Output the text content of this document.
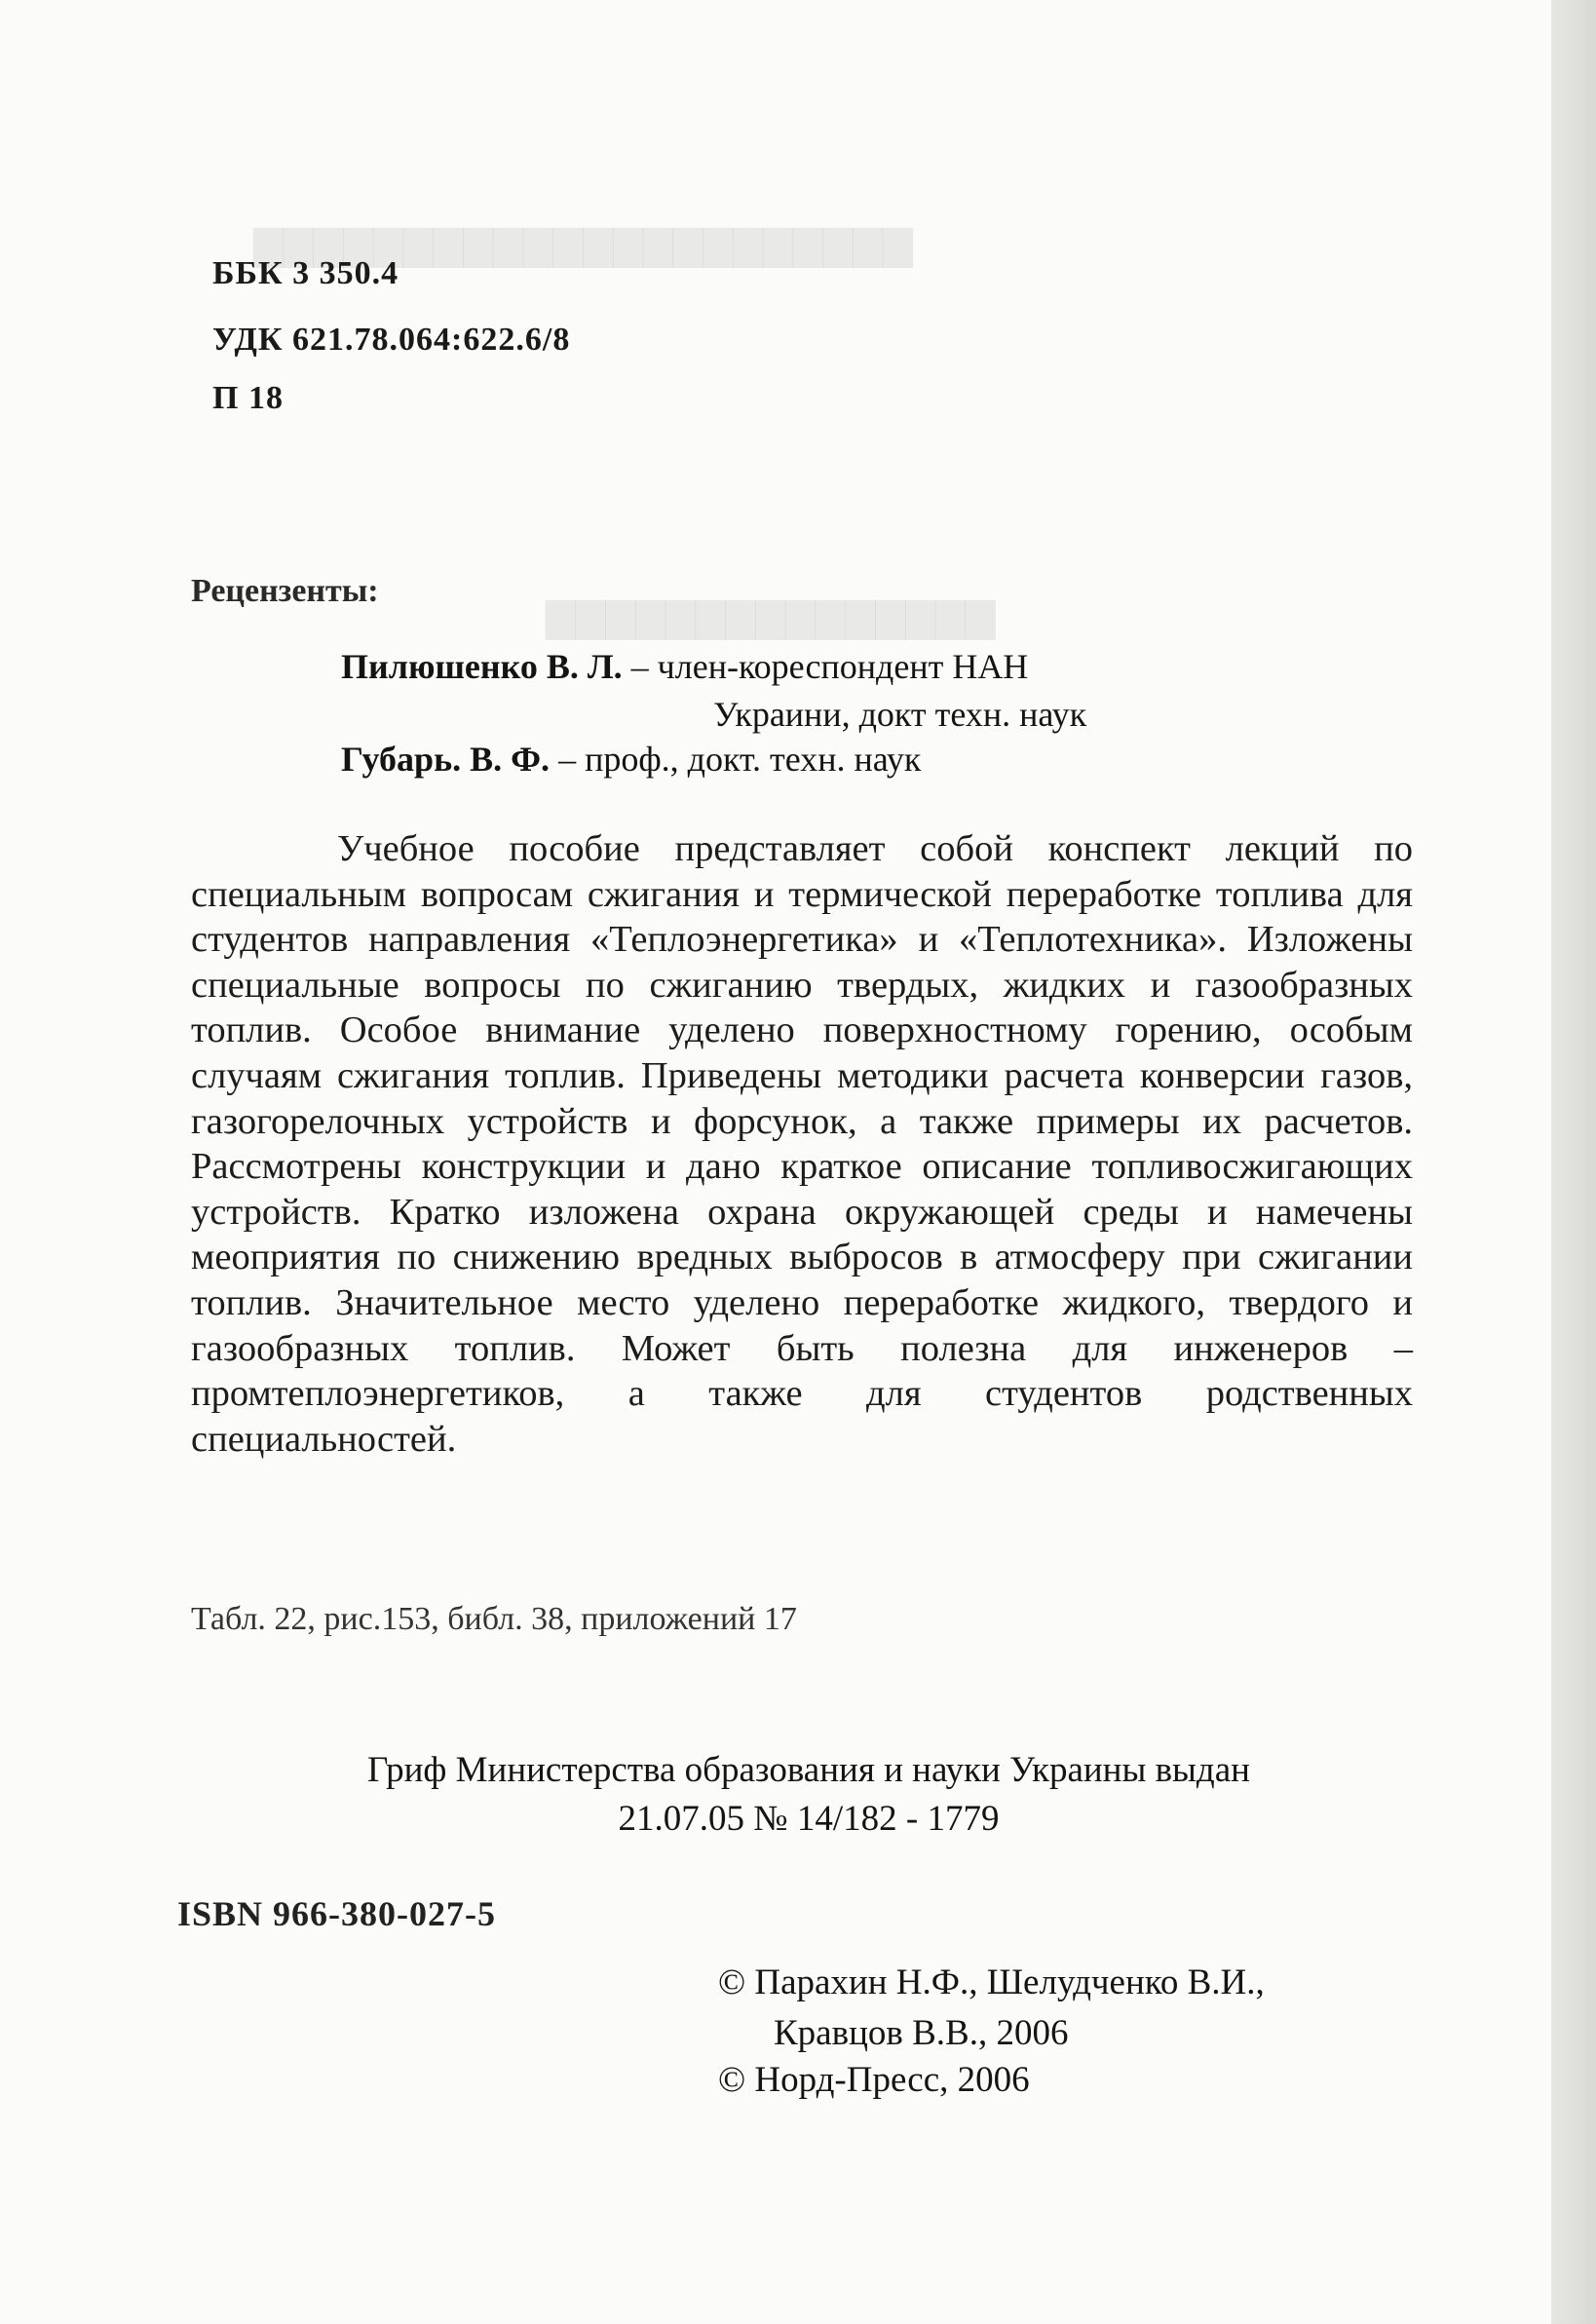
▇▇▇▇▇▇▇▇▇▇▇▇▇▇▇▇▇▇▇▇▇▇
▇▇▇▇▇▇▇▇▇▇▇▇▇▇▇
ББК 3 350.4
УДК 621.78.064:622.6/8
П 18
Рецензенты:
Пилюшенко В. Л. – член-кореспондент НАН
Украини, докт техн. наук
Губарь. В. Ф. – проф., докт. техн. наук
Учебное пособие представляет собой конспект лекций по специальным вопросам сжигания и термической переработке топлива для студентов направления «Теплоэнергетика» и «Теплотехника». Изложены специальные вопросы по сжиганию твердых, жидких и газообразных топлив. Особое внимание уделено поверхностному горению, особым случаям сжигания топлив. Приведены методики расчета конверсии газов, газогорелочных устройств и форсунок, а также примеры их расчетов. Рассмотрены конструкции и дано краткое описание топливосжигающих устройств. Кратко изложена охрана окружающей среды и намечены меоприятия по снижению вредных выбросов в атмосферу при сжигании топлив. Значительное место уделено переработке жидкого, твердого и газообразных топлив. Может быть полезна для инженеров – промтеплоэнергетиков, а также для студентов родственных специальностей.
Табл. 22, рис.153, библ. 38, приложений 17
Гриф Министерства образования и науки Украины выдан
21.07.05 № 14/182 - 1779
ISBN 966-380-027-5
© Парахин Н.Ф., Шелудченко В.И.,
Кравцов В.В., 2006
© Норд-Пресс, 2006
